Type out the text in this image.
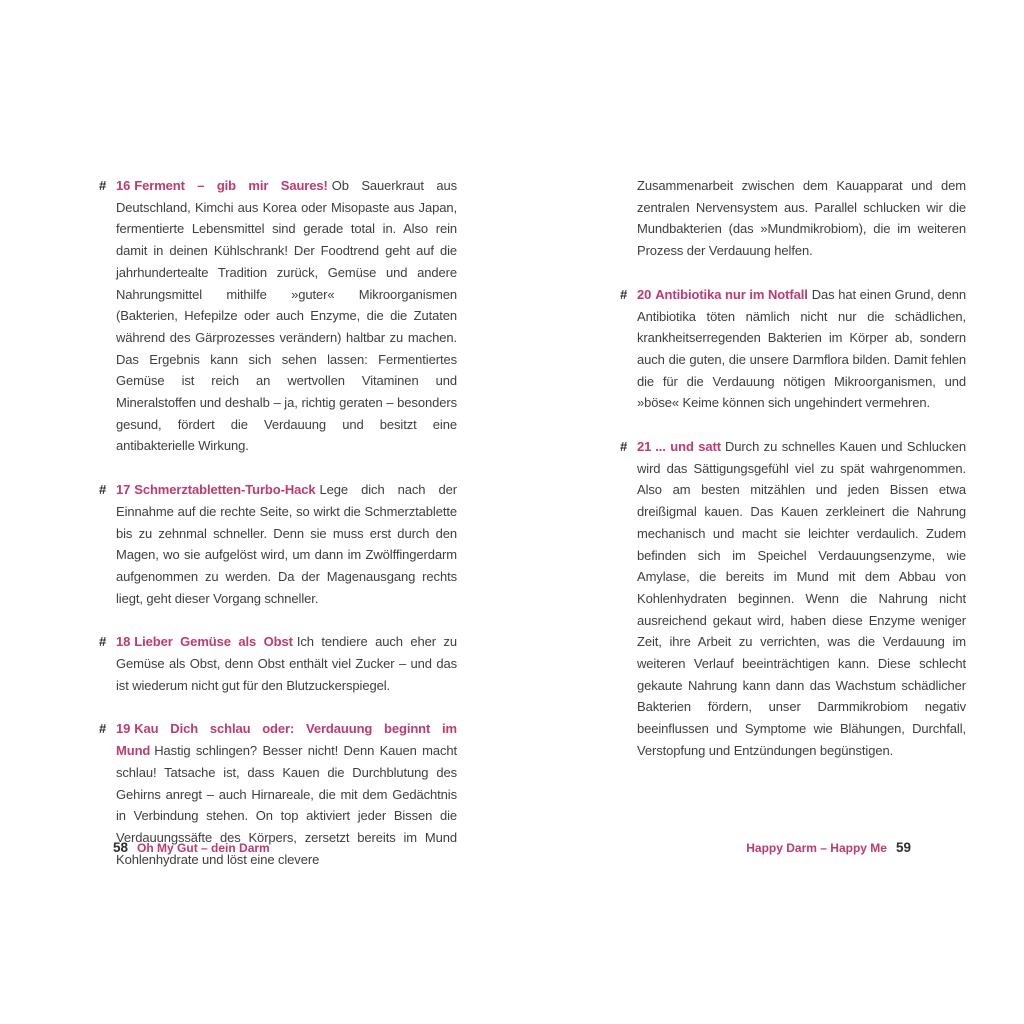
# 16 Ferment – gib mir Saures! Ob Sauerkraut aus Deutschland, Kimchi aus Korea oder Misopaste aus Japan, fermentierte Lebensmittel sind gerade total in. Also rein damit in deinen Kühlschrank! Der Foodtrend geht auf die jahrhundertealte Tradition zurück, Gemüse und andere Nahrungsmittel mithilfe »guter« Mikroorganismen (Bakterien, Hefepilze oder auch Enzyme, die die Zutaten während des Gärprozesses verändern) haltbar zu machen. Das Ergebnis kann sich sehen lassen: Fermentiertes Gemüse ist reich an wertvollen Vitaminen und Mineralstoffen und deshalb – ja, richtig geraten – besonders gesund, fördert die Verdauung und besitzt eine antibakterielle Wirkung.

# 17 Schmerztabletten-Turbo-Hack Lege dich nach der Einnahme auf die rechte Seite, so wirkt die Schmerztablette bis zu zehnmal schneller. Denn sie muss erst durch den Magen, wo sie aufgelöst wird, um dann im Zwölffingerdarm aufgenommen zu werden. Da der Magenausgang rechts liegt, geht dieser Vorgang schneller.

# 18 Lieber Gemüse als Obst Ich tendiere auch eher zu Gemüse als Obst, denn Obst enthält viel Zucker – und das ist wiederum nicht gut für den Blutzuckerspiegel.

# 19 Kau Dich schlau oder: Verdauung beginnt im Mund Hastig schlingen? Besser nicht! Denn Kauen macht schlau! Tatsache ist, dass Kauen die Durchblutung des Gehirns anregt – auch Hirnareale, die mit dem Gedächtnis in Verbindung stehen. On top aktiviert jeder Bissen die Verdauungssäfte des Körpers, zersetzt bereits im Mund Kohlenhydrate und löst eine clevere

Zusammenarbeit zwischen dem Kauapparat und dem zentralen Nervensystem aus. Parallel schlucken wir die Mundbakterien (das »Mundmikrobiom), die im weiteren Prozess der Verdauung helfen.

# 20 Antibiotika nur im Notfall Das hat einen Grund, denn Antibiotika töten nämlich nicht nur die schädlichen, krankheitserregenden Bakterien im Körper ab, sondern auch die guten, die unsere Darmflora bilden. Damit fehlen die für die Verdauung nötigen Mikroorganismen, und »böse« Keime können sich ungehindert vermehren.

# 21 ... und satt Durch zu schnelles Kauen und Schlucken wird das Sättigungsgefühl viel zu spät wahrgenommen. Also am besten mitzählen und jeden Bissen etwa dreißigmal kauen. Das Kauen zerkleinert die Nahrung mechanisch und macht sie leichter verdaulich. Zudem befinden sich im Speichel Verdauungsenzyme, wie Amylase, die bereits im Mund mit dem Abbau von Kohlenhydraten beginnen. Wenn die Nahrung nicht ausreichend gekaut wird, haben diese Enzyme weniger Zeit, ihre Arbeit zu verrichten, was die Verdauung im weiteren Verlauf beeinträchtigen kann. Diese schlecht gekaute Nahrung kann dann das Wachstum schädlicher Bakterien fördern, unser Darmmikrobiom negativ beeinflussen und Symptome wie Blähungen, Durchfall, Verstopfung und Entzündungen begünstigen.

58 Oh My Gut – dein Darm	Happy Darm – Happy Me 59
